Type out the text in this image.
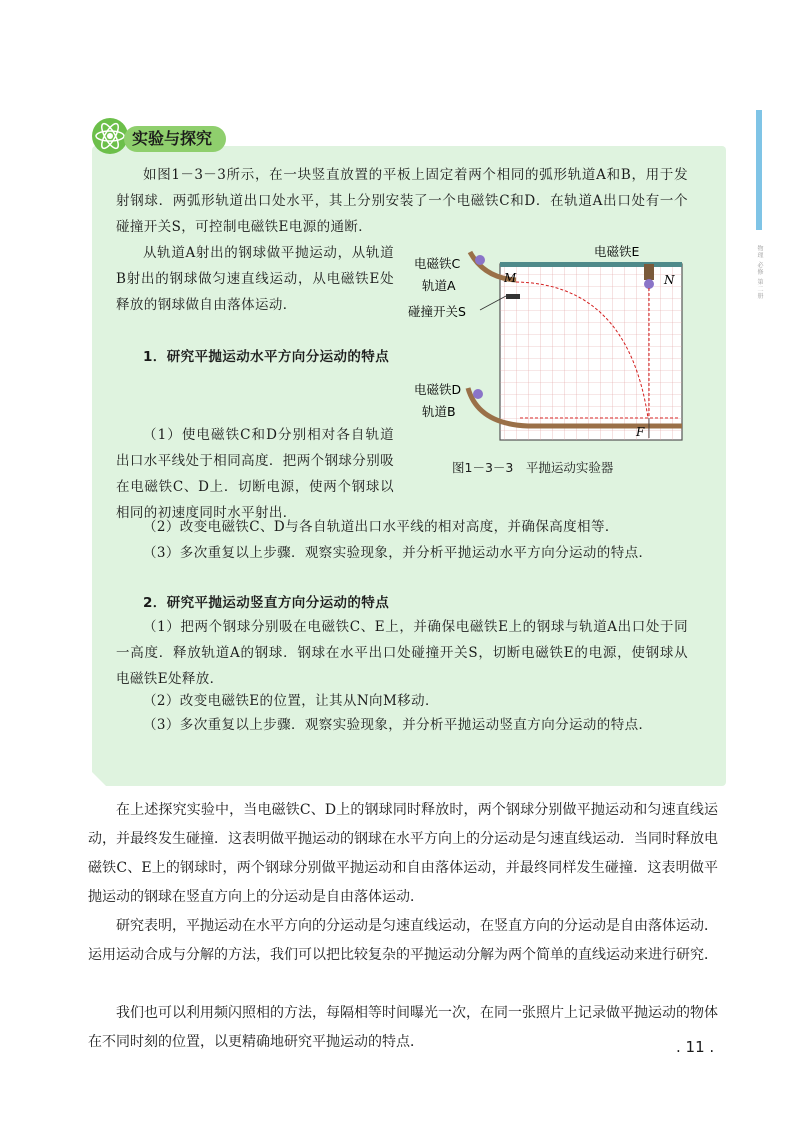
物理 必修 第二册
实验与探究

如图1－3－3所示，在一块竖直放置的平板上固定着两个相同的弧形轨道A和B，用于发射钢球．两弧形轨道出口处水平，其上分别安装了一个电磁铁C和D．在轨道A出口处有一个碰撞开关S，可控制电磁铁E电源的通断．

从轨道A射出的钢球做平抛运动，从轨道B射出的钢球做匀速直线运动，从电磁铁E处释放的钢球做自由落体运动．

1．研究平抛运动水平方向分运动的特点

（1）使电磁铁C和D分别相对各自轨道出口水平线处于相同高度．把两个钢球分别吸在电磁铁C、D上．切断电源，使两个钢球以相同的初速度同时水平射出．

（2）改变电磁铁C、D与各自轨道出口水平线的相对高度，并确保高度相等．

（3）多次重复以上步骤．观察实验现象，并分析平抛运动水平方向分运动的特点．

2．研究平抛运动竖直方向分运动的特点

（1）把两个钢球分别吸在电磁铁C、E上，并确保电磁铁E上的钢球与轨道A出口处于同一高度．释放轨道A的钢球．钢球在水平出口处碰撞开关S，切断电磁铁E的电源，使钢球从电磁铁E处释放．

（2）改变电磁铁E的位置，让其从N向M移动．

（3）多次重复以上步骤．观察实验现象，并分析平抛运动竖直方向分运动的特点．

电磁铁C
轨道A
碰撞开关S
电磁铁D
轨道B
电磁铁E
M	N
F
图1－3－3　平抛运动实验器

在上述探究实验中，当电磁铁C、D上的钢球同时释放时，两个钢球分别做平抛运动和匀速直线运动，并最终发生碰撞．这表明做平抛运动的钢球在水平方向上的分运动是匀速直线运动．当同时释放电磁铁C、E上的钢球时，两个钢球分别做平抛运动和自由落体运动，并最终同样发生碰撞．这表明做平抛运动的钢球在竖直方向上的分运动是自由落体运动．

研究表明，平抛运动在水平方向的分运动是匀速直线运动，在竖直方向的分运动是自由落体运动．运用运动合成与分解的方法，我们可以把比较复杂的平抛运动分解为两个简单的直线运动来进行研究．

我们也可以利用频闪照相的方法，每隔相等时间曝光一次，在同一张照片上记录做平抛运动的物体在不同时刻的位置，以更精确地研究平抛运动的特点．	. 11 .
